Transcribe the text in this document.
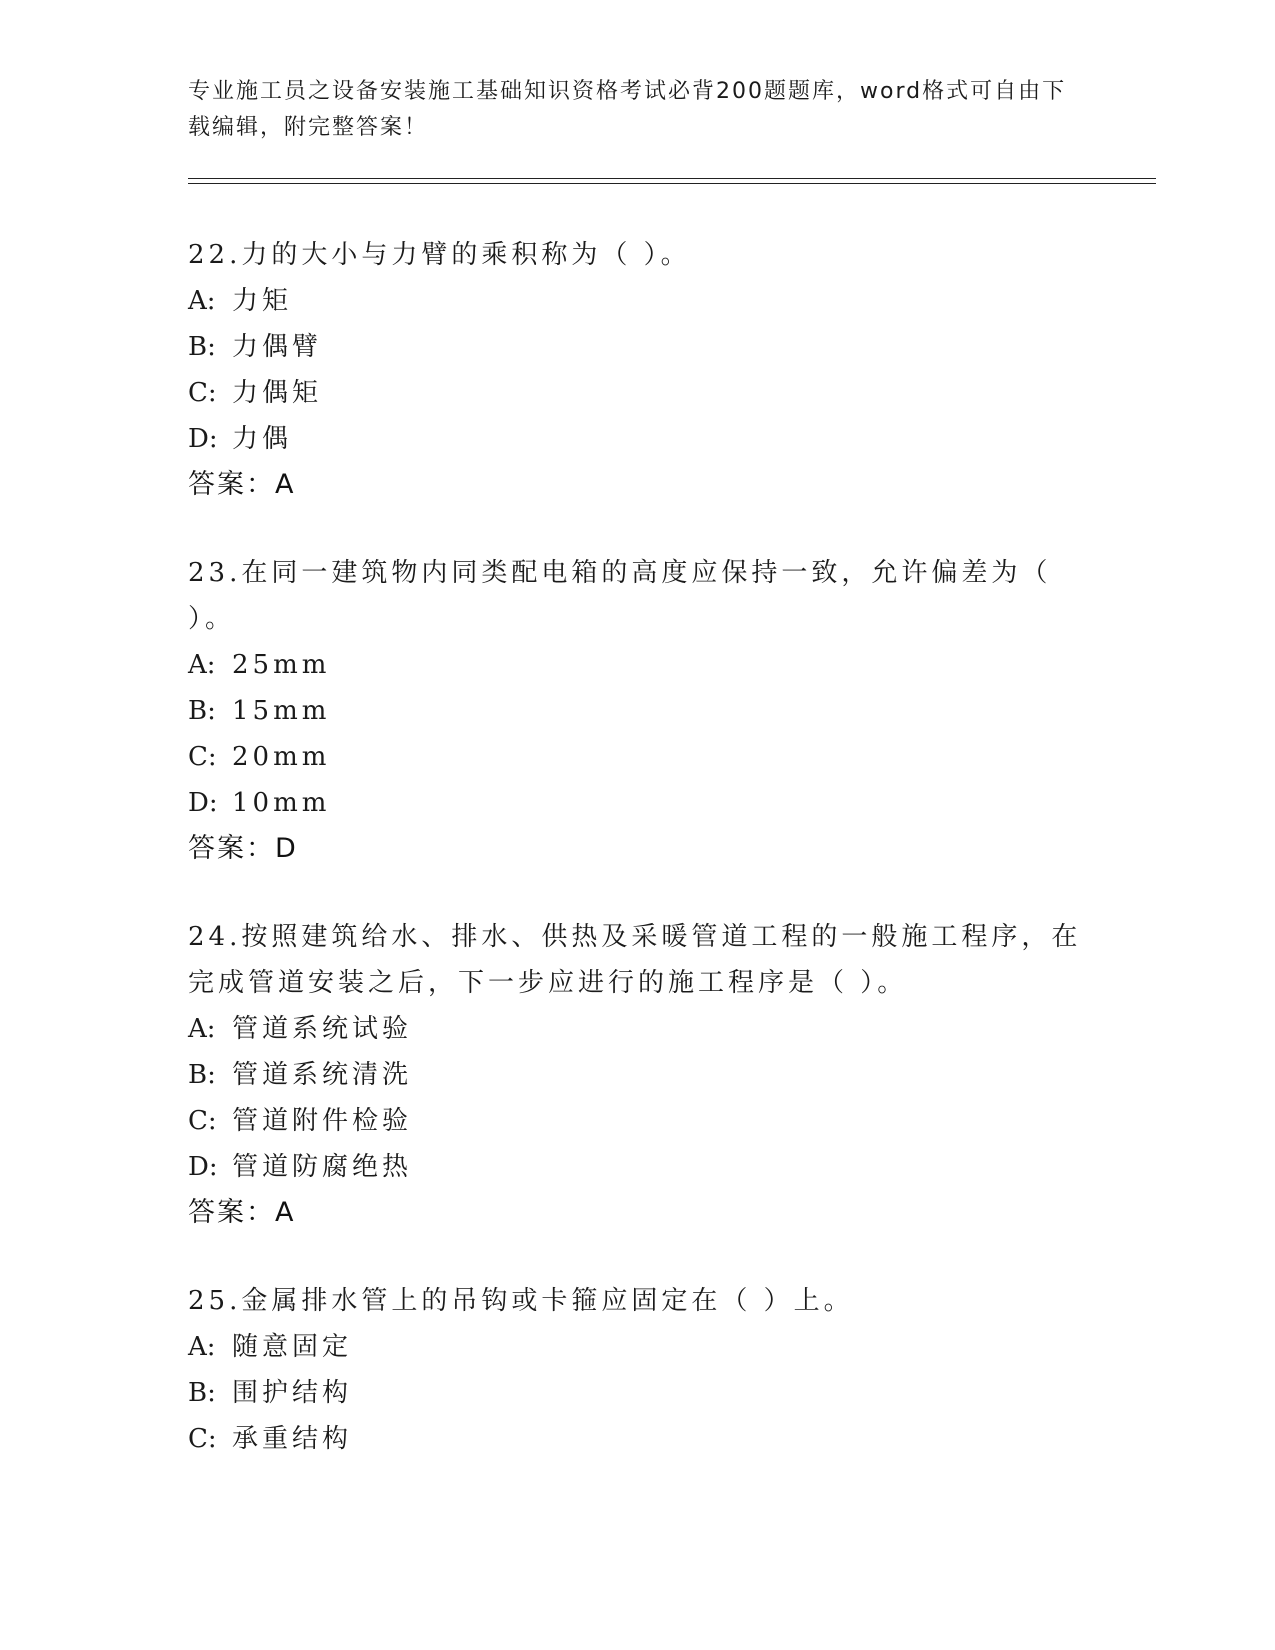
专业施工员之设备安装施工基础知识资格考试必背200题题库，word格式可自由下载编辑，附完整答案！

22.力的大小与力臂的乘积称为（ ）。

A: 力矩

B: 力偶臂

C: 力偶矩

D: 力偶

答案：A

23.在同一建筑物内同类配电箱的高度应保持一致，允许偏差为（ ）。

A: 25mm

B: 15mm

C: 20mm

D: 10mm

答案：D

24.按照建筑给水、排水、供热及采暖管道工程的一般施工程序，在完成管道安装之后，下一步应进行的施工程序是（ ）。

A: 管道系统试验

B: 管道系统清洗

C: 管道附件检验

D: 管道防腐绝热

答案：A

25.金属排水管上的吊钩或卡箍应固定在（ ）上。

A: 随意固定

B: 围护结构

C: 承重结构
